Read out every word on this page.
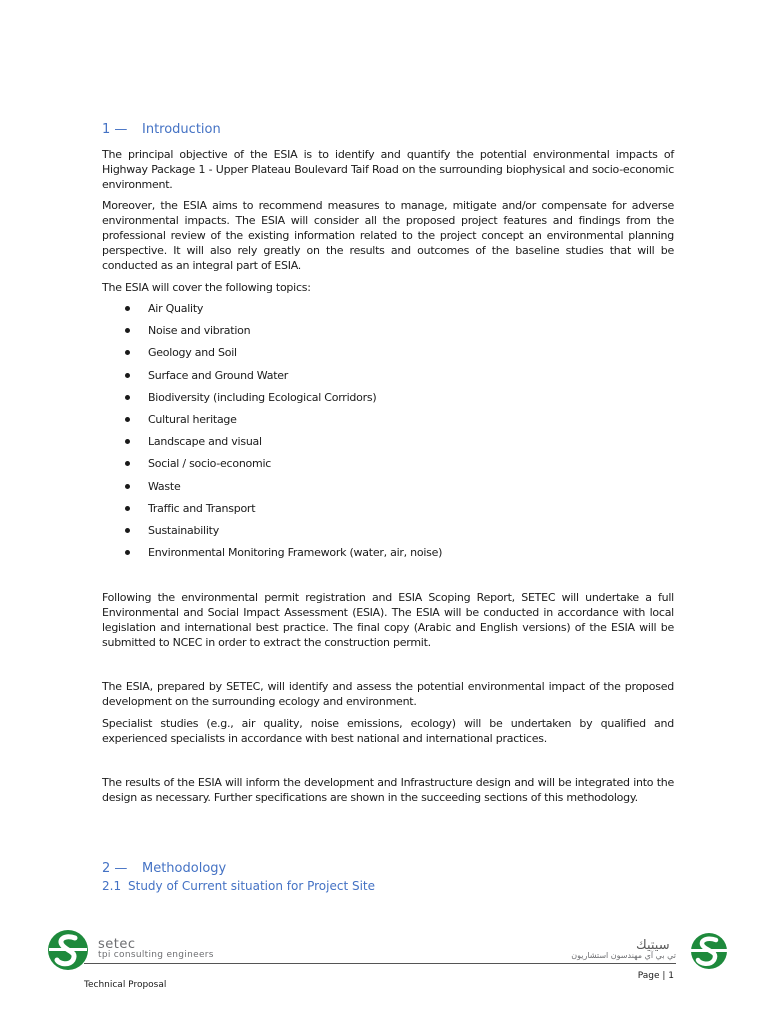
1 — Introduction
The principal objective of the ESIA is to identify and quantify the potential environmental impacts of Highway Package 1 - Upper Plateau Boulevard Taif Road on the surrounding biophysical and socio-economic environment.
Moreover, the ESIA aims to recommend measures to manage, mitigate and/or compensate for adverse environmental impacts. The ESIA will consider all the proposed project features and findings from the professional review of the existing information related to the project concept an environmental planning perspective. It will also rely greatly on the results and outcomes of the baseline studies that will be conducted as an integral part of ESIA.
The ESIA will cover the following topics:
Air Quality
Noise and vibration
Geology and Soil
Surface and Ground Water
Biodiversity (including Ecological Corridors)
Cultural heritage
Landscape and visual
Social / socio-economic
Waste
Traffic and Transport
Sustainability
Environmental Monitoring Framework (water, air, noise)
Following the environmental permit registration and ESIA Scoping Report, SETEC will undertake a full Environmental and Social Impact Assessment (ESIA). The ESIA will be conducted in accordance with local legislation and international best practice. The final copy (Arabic and English versions) of the ESIA will be submitted to NCEC in order to extract the construction permit.
The ESIA, prepared by SETEC, will identify and assess the potential environmental impact of the proposed development on the surrounding ecology and environment.
Specialist studies (e.g., air quality, noise emissions, ecology) will be undertaken by qualified and experienced specialists in accordance with best national and international practices.
The results of the ESIA will inform the development and Infrastructure design and will be integrated into the design as necessary. Further specifications are shown in the succeeding sections of this methodology.
2 — Methodology
2.1 Study of Current situation for Project Site
setec
tpi consulting engineers
سيتيك
تي بي آي مهندسون استشاريون
Page | 1
Technical Proposal
